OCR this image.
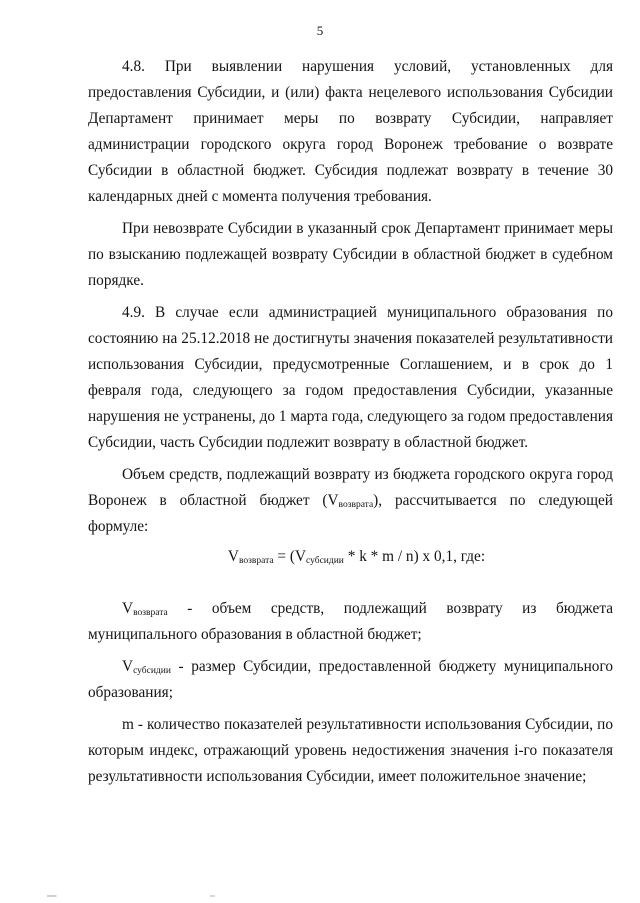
5

4.8. При выявлении нарушения условий, установленных для предоставления Субсидии, и (или) факта нецелевого использования Субсидии Департамент принимает меры по возврату Субсидии, направляет администрации городского округа город Воронеж требование о возврате Субсидии в областной бюджет. Субсидия подлежат возврату в течение 30 календарных дней с момента получения требования.

При невозврате Субсидии в указанный срок Департамент принимает меры по взысканию подлежащей возврату Субсидии в областной бюджет в судебном порядке.

4.9. В случае если администрацией муниципального образования по состоянию на 25.12.2018 не достигнуты значения показателей результативности использования Субсидии, предусмотренные Соглашением, и в срок до 1 февраля года, следующего за годом предоставления Субсидии, указанные нарушения не устранены, до 1 марта года, следующего за годом предоставления Субсидии, часть Субсидии подлежит возврату в областной бюджет.

Объем средств, подлежащий возврату из бюджета городского округа город Воронеж в областной бюджет $(V_{возврата})$, рассчитывается по следующей формуле:

$V_{возврата} = (V_{субсидии} * k * m / n)$ x 0,1, где:

$V_{возврата}$ - объем средств, подлежащий возврату из бюджета муниципального образования в областной бюджет;

$V_{субсидии}$ - размер Субсидии, предоставленной бюджету муниципального образования;

m - количество показателей результативности использования Субсидии, по которым индекс, отражающий уровень недостижения значения i-го показателя результативности использования Субсидии, имеет положительное значение;
